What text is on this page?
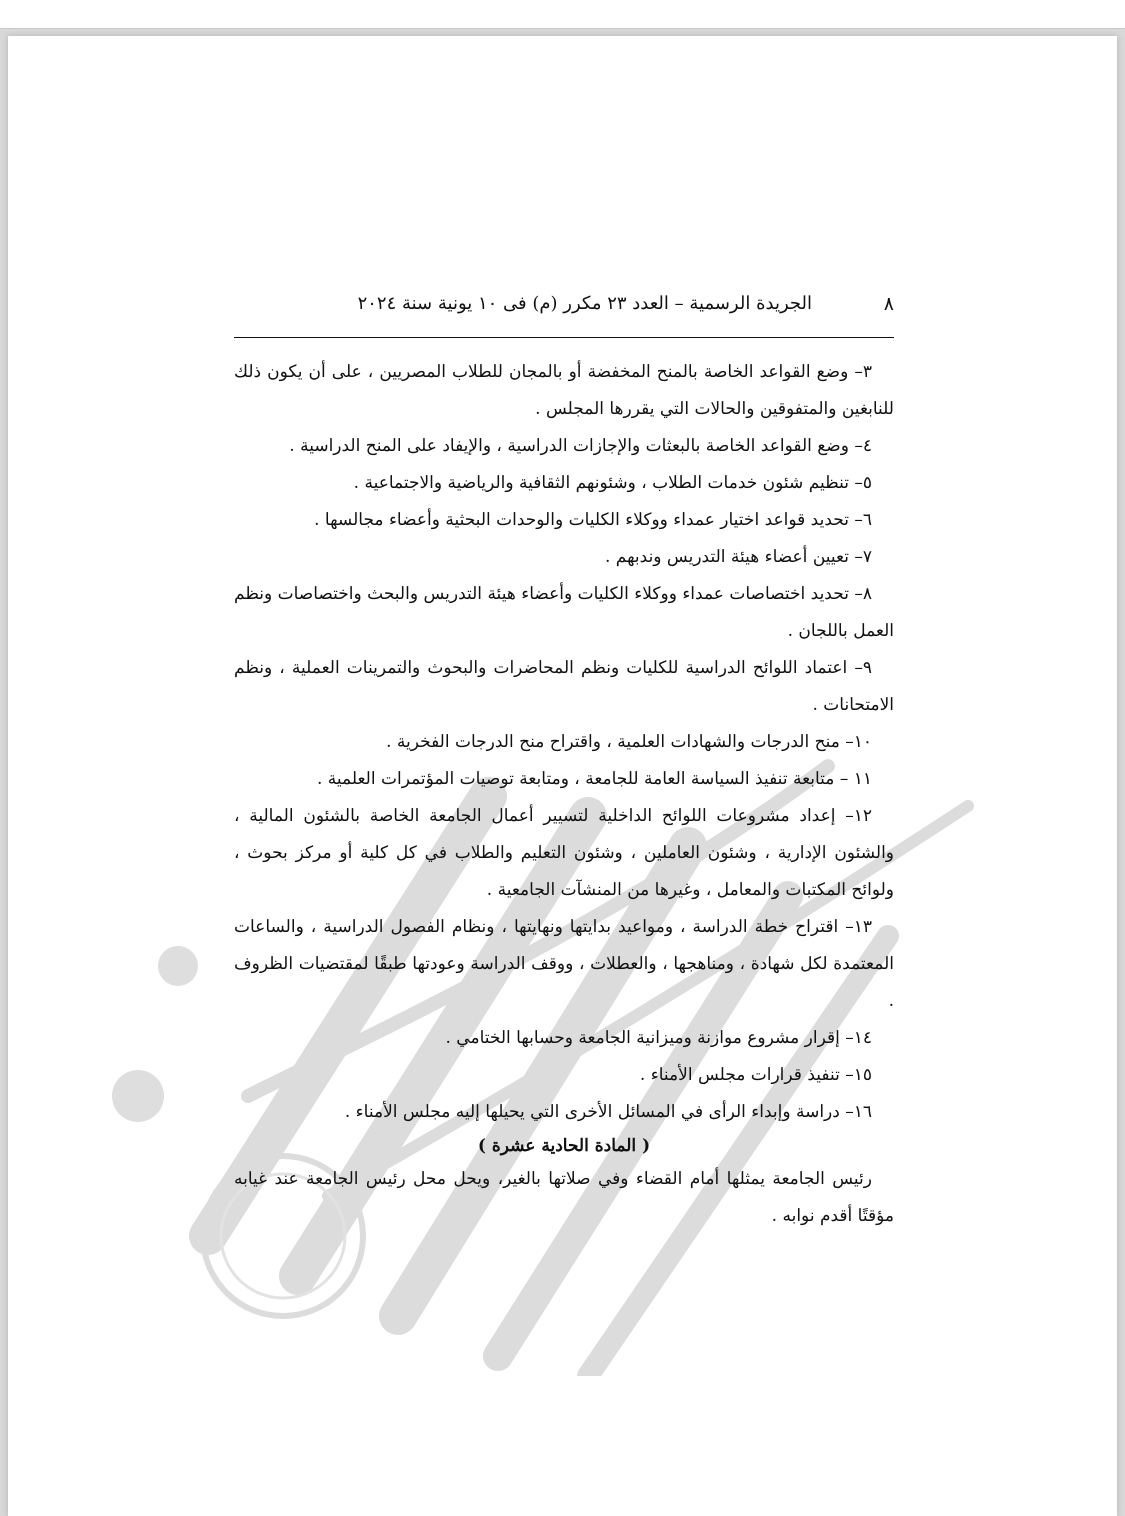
٨
الجريدة الرسمية – العدد ٢٣ مكرر (م) فى ١٠ يونية سنة ٢٠٢٤

٣– وضع القواعد الخاصة بالمنح المخفضة أو بالمجان للطلاب المصريين ، على أن يكون ذلك للنابغين والمتفوقين والحالات التي يقررها المجلس .

٤– وضع القواعد الخاصة بالبعثات والإجازات الدراسية ، والإيفاد على المنح الدراسية .

٥– تنظيم شئون خدمات الطلاب ، وشئونهم الثقافية والرياضية والاجتماعية .

٦– تحديد قواعد اختيار عمداء ووكلاء الكليات والوحدات البحثية وأعضاء مجالسها .

٧– تعيين أعضاء هيئة التدريس وندبهم .

٨– تحديد اختصاصات عمداء ووكلاء الكليات وأعضاء هيئة التدريس والبحث واختصاصات ونظم العمل باللجان .

٩– اعتماد اللوائح الدراسية للكليات ونظم المحاضرات والبحوث والتمرينات العملية ، ونظم الامتحانات .

١٠– منح الدرجات والشهادات العلمية ، واقتراح منح الدرجات الفخرية .

١١ – متابعة تنفيذ السياسة العامة للجامعة ، ومتابعة توصيات المؤتمرات العلمية .

١٢– إعداد مشروعات اللوائح الداخلية لتسيير أعمال الجامعة الخاصة بالشئون المالية ، والشئون الإدارية ، وشئون العاملين ، وشئون التعليم والطلاب في كل كلية أو مركز بحوث ، ولوائح المكتبات والمعامل ، وغيرها من المنشآت الجامعية .

١٣– اقتراح خطة الدراسة ، ومواعيد بدايتها ونهايتها ، ونظام الفصول الدراسية ، والساعات المعتمدة لكل شهادة ، ومناهجها ، والعطلات ، ووقف الدراسة وعودتها طبقًا لمقتضيات الظروف .

١٤– إقرار مشروع موازنة وميزانية الجامعة وحسابها الختامي .

١٥– تنفيذ قرارات مجلس الأمناء .

١٦– دراسة وإبداء الرأى في المسائل الأخرى التي يحيلها إليه مجلس الأمناء .

( المادة الحادية عشرة )

رئيس الجامعة يمثلها أمام القضاء وفي صلاتها بالغير، ويحل محل رئيس الجامعة عند غيابه مؤقتًا أقدم نوابه .
